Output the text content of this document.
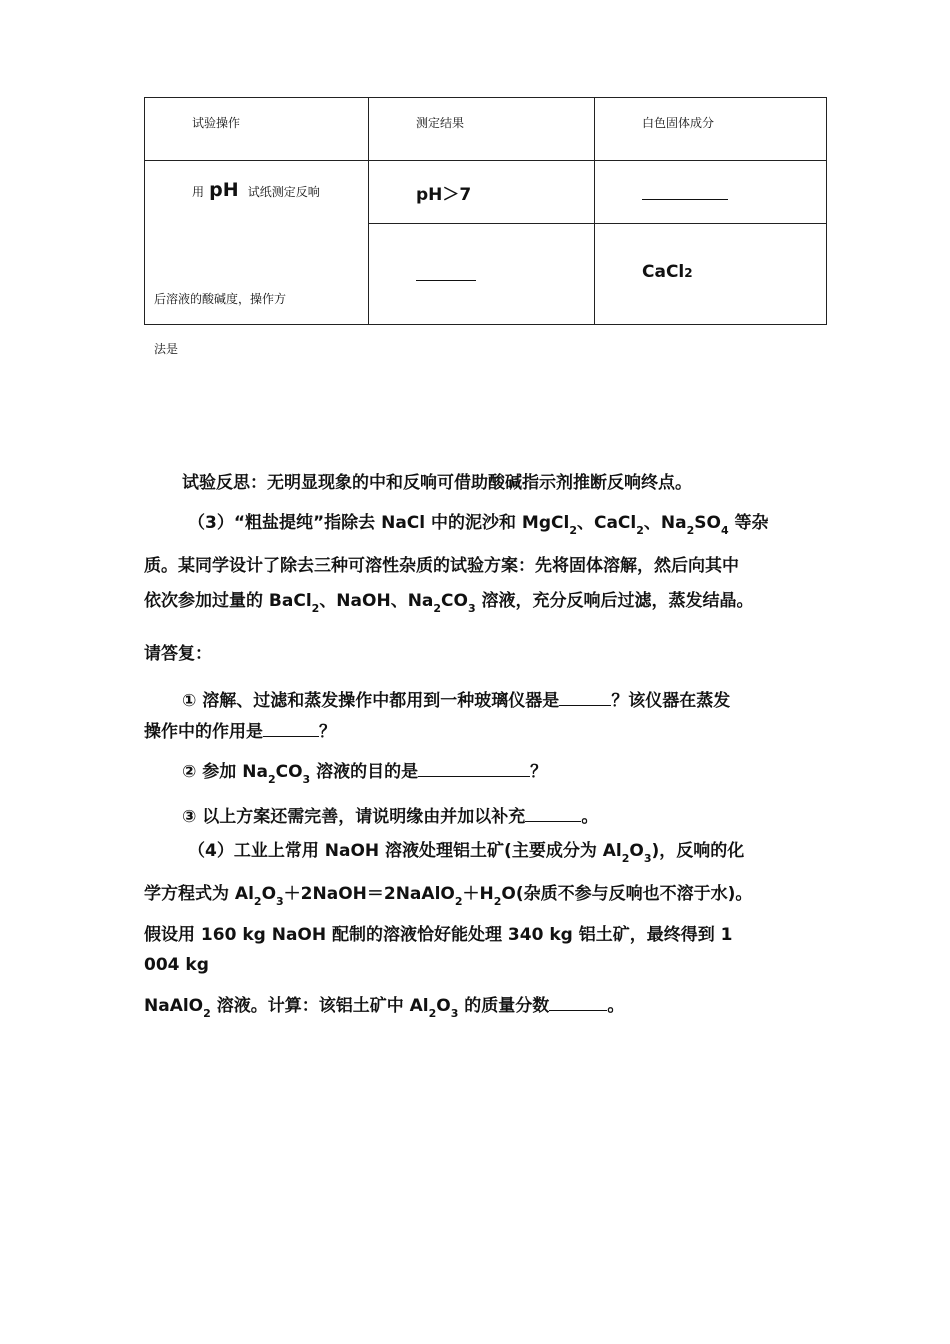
试验操作	测定结果	白色固体成分

用 pH 试纸测定反响
后溶液的酸碱度，操作方
法是	pH＞7	

		CaCl2
试验反思：无明显现象的中和反响可借助酸碱指示剂推断反响终点。
（3）“粗盐提纯”指除去 NaCl 中的泥沙和 MgCl$_2$、CaCl$_2$、$Na_2SO_4$ 等杂
质。某同学设计了除去三种可溶性杂质的试验方案：先将固体溶解，然后向其中
依次参加过量的 BaCl$_2$、NaOH、$Na_2CO_3$ 溶液，充分反响后过滤，蒸发结晶。
请答复：
① 溶解、过滤和蒸发操作中都用到一种玻璃仪器是	？该仪器在蒸发
操作中的作用是	？
② 参加 $Na_2CO_3$ 溶液的目的是	？
③ 以上方案还需完善，请说明缘由并加以补充	。
（4）工业上常用 NaOH 溶液处理铝土矿(主要成分为 $Al_2O_3$)，反响的化
学方程式为 $Al_2O_3+2NaOH=2NaAlO_2+H_2O$(杂质不参与反响也不溶于水)。
假设用 160 kg NaOH 配制的溶液恰好能处理 340 kg 铝土矿，最终得到 1
004 kg
NaAlO$_2$ 溶液。计算：该铝土矿中 $Al_2O_3$ 的质量分数	。
